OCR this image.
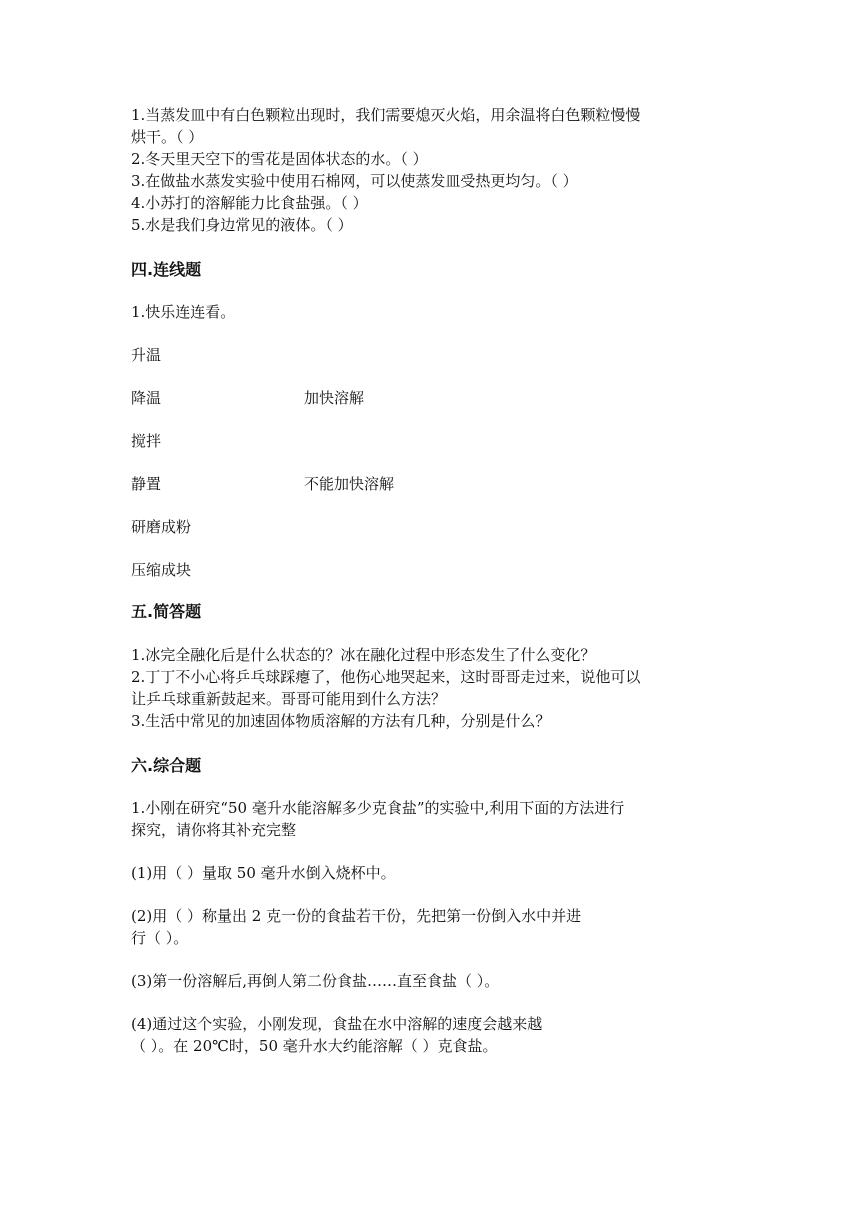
1.当蒸发皿中有白色颗粒出现时，我们需要熄灭火焰，用余温将白色颗粒慢慢
烘干。（ ）
2.冬天里天空下的雪花是固体状态的水。（ ）
3.在做盐水蒸发实验中使用石棉网，可以使蒸发皿受热更均匀。（ ）
4.小苏打的溶解能力比食盐强。（ ）
5.水是我们身边常见的液体。（ ）
四.连线题
1.快乐连连看。
升温
降温
搅拌
静置
研磨成粉
压缩成块
加快溶解
不能加快溶解
五.简答题
1.冰完全融化后是什么状态的？冰在融化过程中形态发生了什么变化？
2.丁丁不小心将乒乓球踩瘪了，他伤心地哭起来，这时哥哥走过来，说他可以
让乒乓球重新鼓起来。哥哥可能用到什么方法？
3.生活中常见的加速固体物质溶解的方法有几种，分别是什么？
六.综合题
1.小刚在研究“50 毫升水能溶解多少克食盐”的实验中,利用下面的方法进行
探究，请你将其补充完整
(1)用（ ）量取 50 毫升水倒入烧杯中。
(2)用（ ）称量出 2 克一份的食盐若干份，先把第一份倒入水中并进
行（ ）。
(3)第一份溶解后,再倒人第二份食盐……直至食盐（ ）。
(4)通过这个实验，小刚发现，食盐在水中溶解的速度会越来越
（ ）。在 20℃时，50 毫升水大约能溶解（ ）克食盐。
